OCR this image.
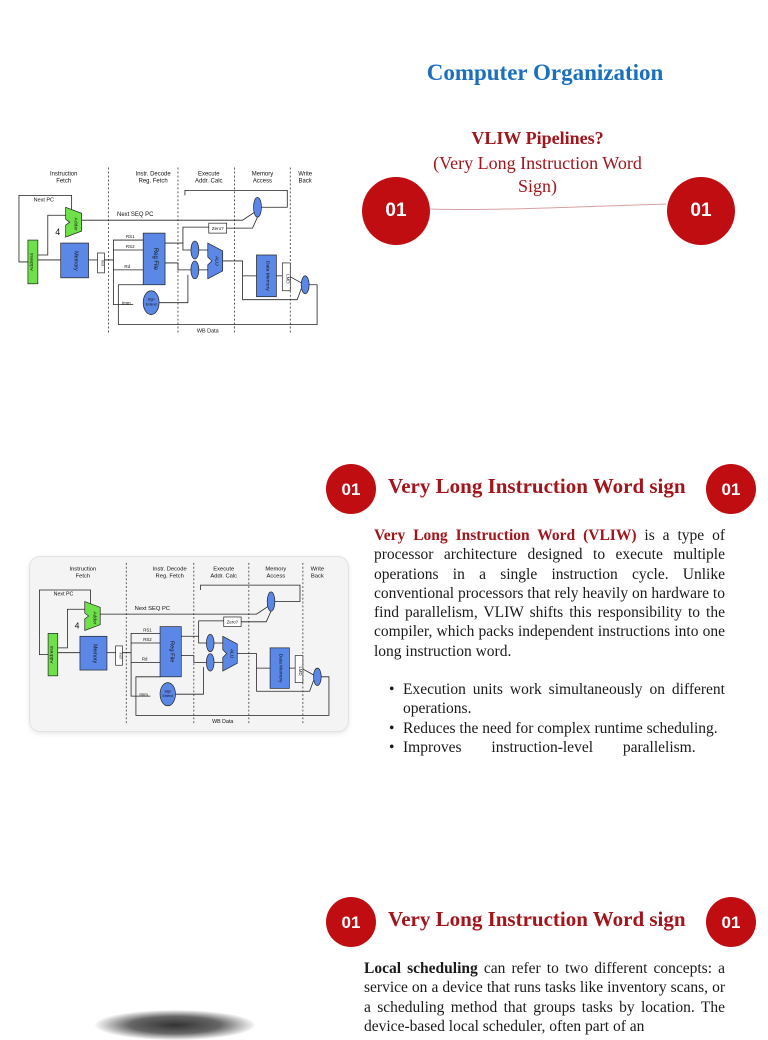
Computer Organization
VLIW Pipelines?
(Very Long Instruction Word Sign)
01	01
Instruction
Fetch
Instr. Decode
Reg. Fetch
Execute
Addr. Calc
Memory
Access
Write
Back
Next PC
Address
Adder
4
Next SEQ PC
Memory	Inst	Reg File
RS1
RS2
Rd
Imm
Sign
Extend
Zero?
ALU
Data Memory	LMD
WB Data
01	Very Long Instruction Word sign	01
Instruction
Fetch
Instr. Decode
Reg. Fetch
Execute
Addr. Calc
Memory
Access
Write
Back
Next PC
Address
Adder
4
Next SEQ PC
Memory	Inst	Reg File
RS1
RS2
Rd
Imm
Sign
Extend
Zero?
ALU
Data Memory	LMD
WB Data
Very Long Instruction Word (VLIW) is a type of processor architecture designed to execute multiple operations in a single instruction cycle. Unlike conventional processors that rely heavily on hardware to find parallelism, VLIW shifts this responsibility to the compiler, which packs independent instructions into one long instruction word.
• Execution units work simultaneously on different operations.
• Reduces the need for complex runtime scheduling.
• Improves instruction-level parallelism.
01	Very Long Instruction Word sign	01
Local scheduling can refer to two different concepts: a service on a device that runs tasks like inventory scans, or a scheduling method that groups tasks by location. The device-based local scheduler, often part of an
